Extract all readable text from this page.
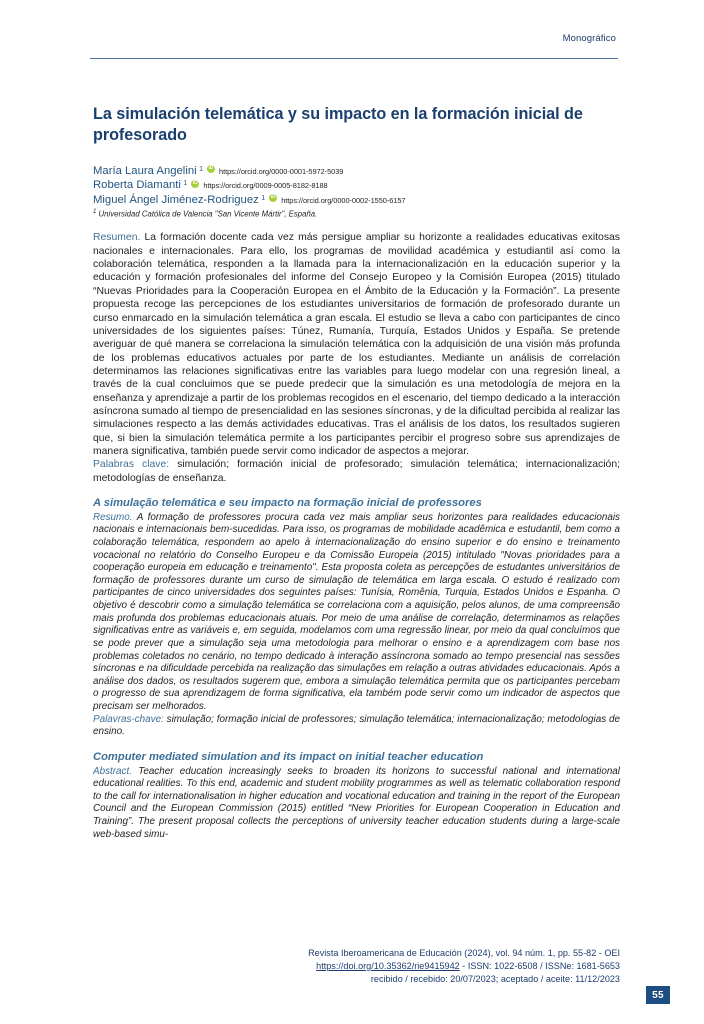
Monográfico
La simulación telemática y su impacto en la formación inicial de profesorado
María Laura Angelini 1 iD https://orcid.org/0000-0001-5972-5039
Roberta Diamanti 1 iD https://orcid.org/0009-0005-8182-8188
Miguel Ángel Jiménez-Rodriguez 1 iD https://orcid.org/0000-0002-1550-6157

$^1$ Universidad Católica de Valencia "San Vicente Mártir", España.

Resumen. La formación docente cada vez más persigue ampliar su horizonte a realidades educativas exitosas nacionales e internacionales. Para ello, los programas de movilidad académica y estudiantil así como la colaboración telemática, responden a la llamada para la internacionalización en la educación superior y la educación y formación profesionales del informe del Consejo Europeo y la Comisión Europea (2015) titulado “Nuevas Prioridades para la Cooperación Europea en el Ámbito de la Educación y la Formación”. La presente propuesta recoge las percepciones de los estudiantes universitarios de formación de profesorado durante un curso enmarcado en la simulación telemática a gran escala. El estudio se lleva a cabo con participantes de cinco universidades de los siguientes países: Túnez, Rumanía, Turquía, Estados Unidos y España. Se pretende averiguar de qué manera se correlaciona la simulación telemática con la adquisición de una visión más profunda de los problemas educativos actuales por parte de los estudiantes. Mediante un análisis de correlación determinamos las relaciones significativas entre las variables para luego modelar con una regresión lineal, a través de la cual concluimos que se puede predecir que la simulación es una metodología de mejora en la enseñanza y aprendizaje a partir de los problemas recogidos en el escenario, del tiempo dedicado a la interacción asíncrona sumado al tiempo de presencialidad en las sesiones síncronas, y de la dificultad percibida al realizar las simulaciones respecto a las demás actividades educativas. Tras el análisis de los datos, los resultados sugieren que, si bien la simulación telemática permite a los participantes percibir el progreso sobre sus aprendizajes de manera significativa, también puede servir como indicador de aspectos a mejorar.

Palabras clave: simulación; formación inicial de profesorado; simulación telemática; internacionalización; metodologías de enseñanza.

A simulação telemática e seu impacto na formação inicial de professores

Resumo. A formação de professores procura cada vez mais ampliar seus horizontes para realidades educacionais nacionais e internacionais bem-sucedidas. Para isso, os programas de mobilidade acadêmica e estudantil, bem como a colaboração telemática, respondem ao apelo à internacionalização do ensino superior e do ensino e treinamento vocacional no relatório do Conselho Europeu e da Comissão Europeia (2015) intitulado "Novas prioridades para a cooperação europeia em educação e treinamento". Esta proposta coleta as percepções de estudantes universitários de formação de professores durante um curso de simulação de telemática em larga escala. O estudo é realizado com participantes de cinco universidades dos seguintes países: Tunísia, Romênia, Turquia, Estados Unidos e Espanha. O objetivo é descobrir como a simulação telemática se correlaciona com a aquisição, pelos alunos, de uma compreensão mais profunda dos problemas educacionais atuais. Por meio de uma análise de correlação, determinamos as relações significativas entre as variáveis e, em seguida, modelamos com uma regressão linear, por meio da qual concluímos que se pode prever que a simulação seja uma metodologia para melhorar o ensino e a aprendizagem com base nos problemas coletados no cenário, no tempo dedicado à interação assíncrona somado ao tempo presencial nas sessões síncronas e na dificuldade percebida na realização das simulações em relação a outras atividades educacionais. Após a análise dos dados, os resultados sugerem que, embora a simulação telemática permita que os participantes percebam o progresso de sua aprendizagem de forma significativa, ela também pode servir como um indicador de aspectos que precisam ser melhorados.

Palavras-chave: simulação; formação inicial de professores; simulação telemática; internacionalização; metodologias de ensino.

Computer mediated simulation and its impact on initial teacher education

Abstract. Teacher education increasingly seeks to broaden its horizons to successful national and international educational realities. To this end, academic and student mobility programmes as well as telematic collaboration respond to the call for internationalisation in higher education and vocational education and training in the report of the European Council and the European Commission (2015) entitled “New Priorities for European Cooperation in Education and Training”. The present proposal collects the perceptions of university teacher education students during a large-scale web-based simu-

Revista Iberoamericana de Educación (2024), vol. 94 núm. 1, pp. 55-82 - OEI
https://doi.org/10.35362/rie9415942 - ISSN: 1022-6508 / ISSNe: 1681-5653
recibido / recebido: 20/07/2023; aceptado / aceite: 11/12/2023
55
